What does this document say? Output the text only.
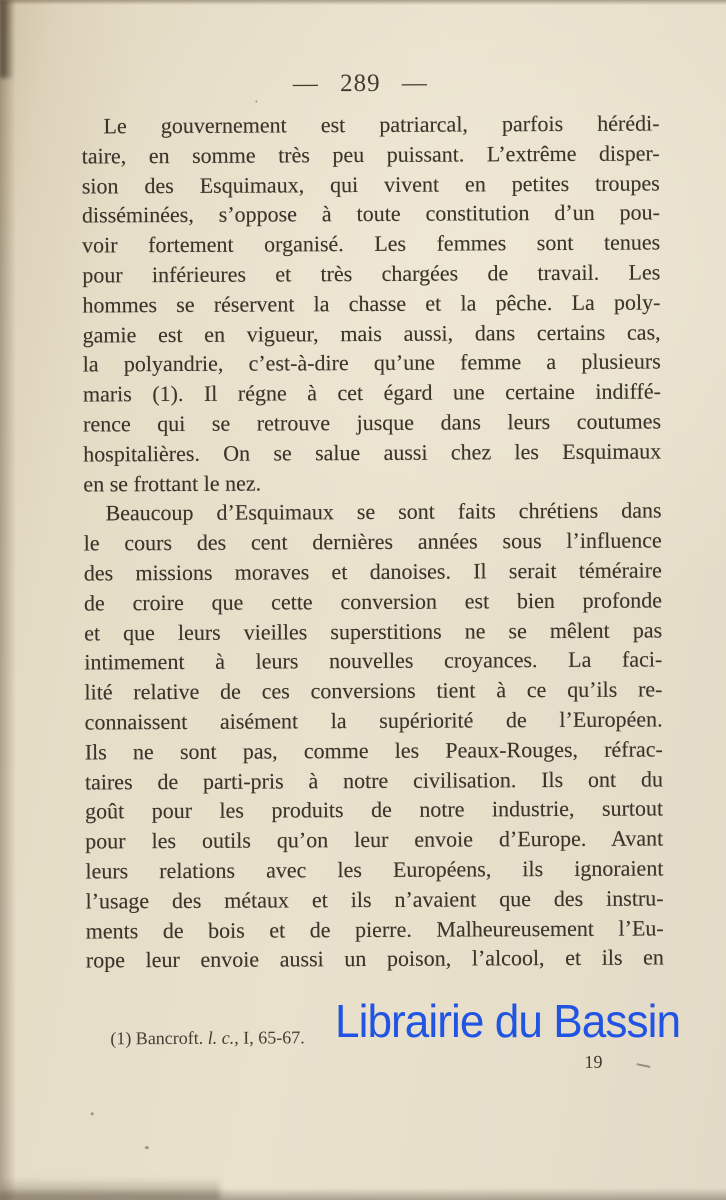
— 289 —
Le gouvernement est patriarcal, parfois hérédi-
taire, en somme très peu puissant. L’extrême disper-
sion des Esquimaux, qui vivent en petites troupes
disséminées, s’oppose à toute constitution d’un pou-
voir fortement organisé. Les femmes sont tenues
pour inférieures et très chargées de travail. Les
hommes se réservent la chasse et la pêche. La poly-
gamie est en vigueur, mais aussi, dans certains cas,
la polyandrie, c’est-à-dire qu’une femme a plusieurs
maris (1). Il régne à cet égard une certaine indiffé-
rence qui se retrouve jusque dans leurs coutumes
hospitalières. On se salue aussi chez les Esquimaux
en se frottant le nez.
Beaucoup d’Esquimaux se sont faits chrétiens dans
le cours des cent dernières années sous l’influence
des missions moraves et danoises. Il serait téméraire
de croire que cette conversion est bien profonde
et que leurs vieilles superstitions ne se mêlent pas
intimement à leurs nouvelles croyances. La faci-
lité relative de ces conversions tient à ce qu’ils re-
connaissent aisément la supériorité de l’Européen.
Ils ne sont pas, comme les Peaux-Rouges, réfrac-
taires de parti-pris à notre civilisation. Ils ont du
goût pour les produits de notre industrie, surtout
pour les outils qu’on leur envoie d’Europe. Avant
leurs relations avec les Européens, ils ignoraient
l’usage des métaux et ils n’avaient que des instru-
ments de bois et de pierre. Malheureusement l’Eu-
rope leur envoie aussi un poison, l’alcool, et ils en
(1) Bancroft. l. c., I, 65-67.
19
Librairie du Bassin
